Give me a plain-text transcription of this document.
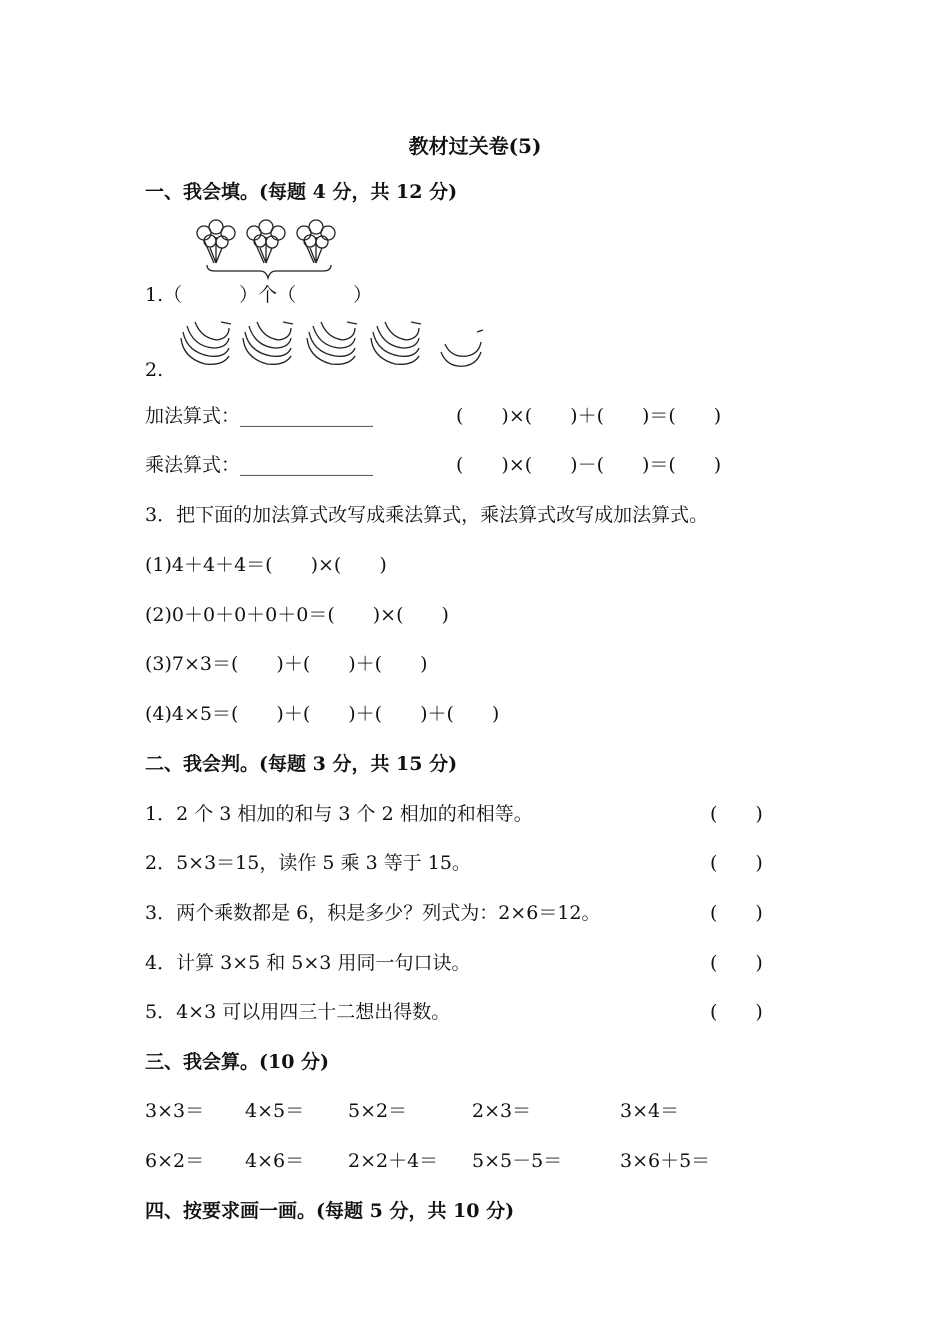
教材过关卷(5)
一、我会填。(每题 4 分，共 12 分)
1.（　　　）个（　　　）
2.
加法算式：______________	(　　)×(　　)＋(　　)＝(　　)
乘法算式：______________	(　　)×(　　)－(　　)＝(　　)
3．把下面的加法算式改写成乘法算式，乘法算式改写成加法算式。
(1)4＋4＋4＝(　　)×(　　)
(2)0＋0＋0＋0＋0＝(　　)×(　　)
(3)7×3＝(　　)＋(　　)＋(　　)
(4)4×5＝(　　)＋(　　)＋(　　)＋(　　)
二、我会判。(每题 3 分，共 15 分)
1．2 个 3 相加的和与 3 个 2 相加的和相等。	(　　)
2．5×3＝15，读作 5 乘 3 等于 15。	(　　)
3．两个乘数都是 6，积是多少？列式为：2×6＝12。	(　　)
4．计算 3×5 和 5×3 用同一句口诀。	(　　)
5．4×3 可以用四三十二想出得数。	(　　)
三、我会算。(10 分)
3×3＝ 4×5＝ 5×2＝	2×3＝	3×4＝
6×2＝ 4×6＝ 2×2＋4＝ 5×5－5＝	3×6＋5＝
四、按要求画一画。(每题 5 分，共 10 分)
